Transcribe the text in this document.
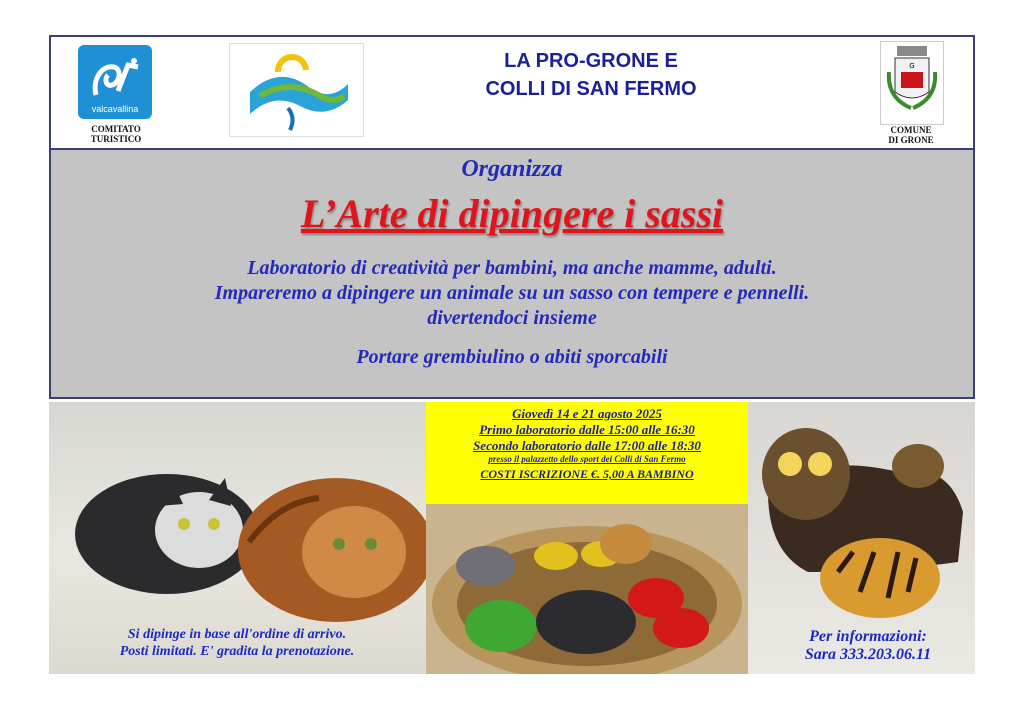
valcavallina
COMITATO
TURISTICO
LA PRO-GRONE E
COLLI DI SAN FERMO
G
COMUNE
DI GRONE
Organizza
L’Arte di dipingere i sassi
Laboratorio di creatività per bambini, ma anche mamme, adulti.
Impareremo a dipingere un animale su un sasso con tempere e pennelli.
divertendoci insieme
Portare grembiulino o abiti sporcabili
Si dipinge in base all'ordine di arrivo.
Posti limitati. E' gradita la prenotazione.
Giovedì 14 e 21 agosto 2025
Primo laboratorio dalle 15:00 alle 16:30
Secondo laboratorio dalle 17:00 alle 18:30
presso il palazzetto dello sport dei Colli di San Fermo
COSTI ISCRIZIONE €. 5,00 A BAMBINO
Per informazioni:
Sara 333.203.06.11
